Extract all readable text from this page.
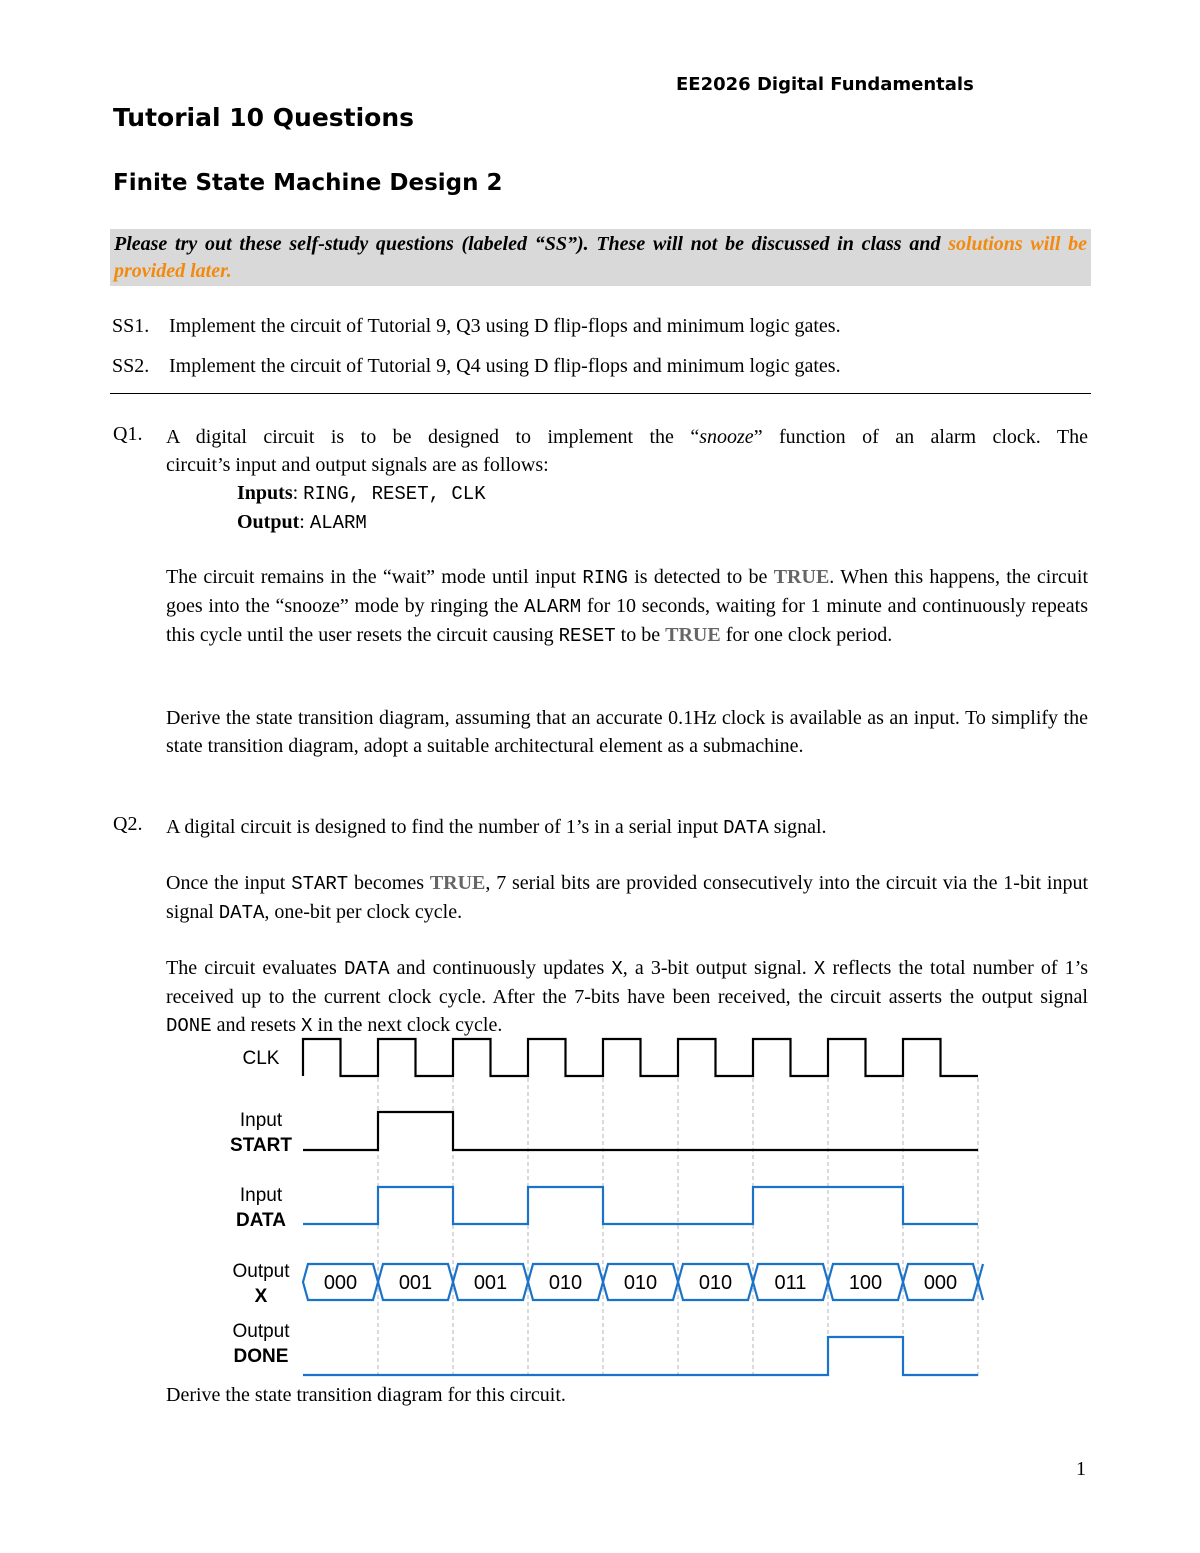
EE2026 Digital Fundamentals
Tutorial 10 Questions
Finite State Machine Design 2

Please try out these self-study questions (labeled “SS”). These will not be discussed in class and solutions will be provided later.

SS1. Implement the circuit of Tutorial 9, Q3 using D flip-flops and minimum logic gates.
SS2. Implement the circuit of Tutorial 9, Q4 using D flip-flops and minimum logic gates.
Q1. A digital circuit is to be designed to implement the “snooze” function of an alarm clock. The

circuit’s input and output signals are as follows:

Inputs: RING, RESET, CLK

Output: ALARM

The circuit remains in the “wait” mode until input RING is detected to be TRUE. When this happens, the circuit goes into the “snooze” mode by ringing the ALARM for 10 seconds, waiting for 1 minute and continuously repeats this cycle until the user resets the circuit causing RESET to be TRUE for one clock period.

Derive the state transition diagram, assuming that an accurate 0.1Hz clock is available as an input. To simplify the state transition diagram, adopt a suitable architectural element as a submachine.

Q2. A digital circuit is designed to find the number of 1’s in a serial input DATA signal.

Once the input START becomes TRUE, 7 serial bits are provided consecutively into the circuit via the 1-bit input signal DATA, one-bit per clock cycle.

The circuit evaluates DATA and continuously updates X, a 3-bit output signal. X reflects the total number of 1’s received up to the current clock cycle. After the 7-bits have been received, the circuit asserts the output signal DONE and resets X in the next clock cycle.

CLK
Input
START
Input
DATA
Output
X
000 001 001 010 010 010 011 100 000
Output
DONE

Derive the state transition diagram for this circuit.

1
